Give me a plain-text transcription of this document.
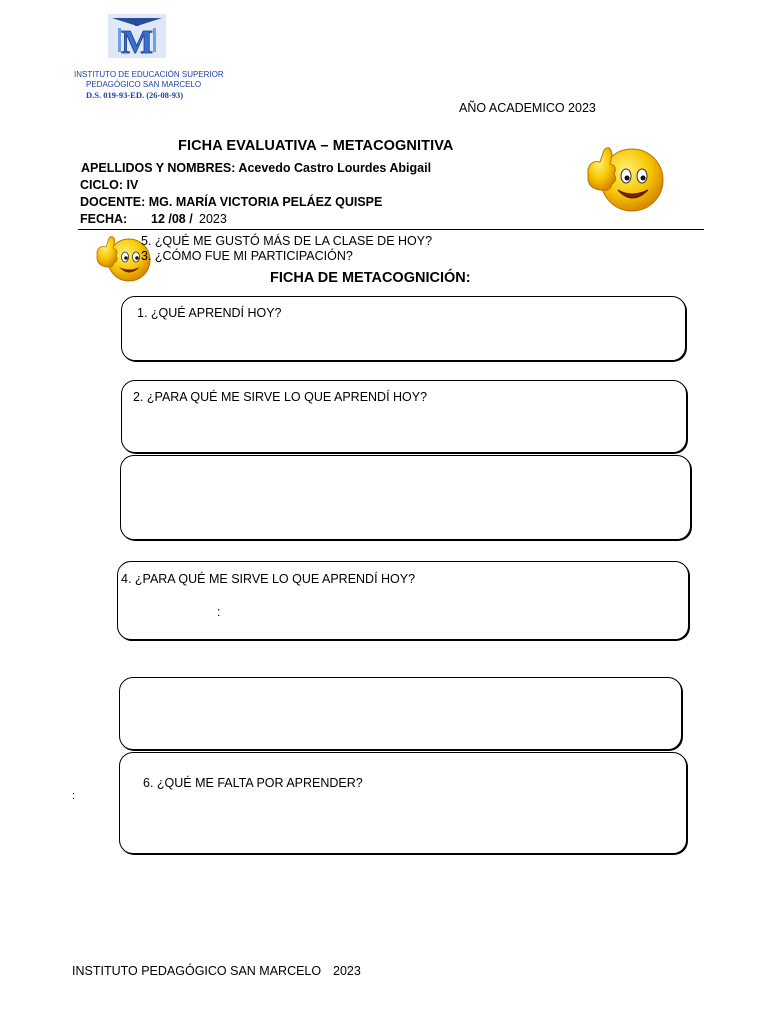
M
INSTITUTO DE EDUCACIÓN SUPERIOR
PEDAGÓGICO SAN MARCELO
D.S. 019-93-ED. (26-08-93)
AÑO ACADEMICO 2023
FICHA EVALUATIVA – METACOGNITIVA
APELLIDOS Y NOMBRES: Acevedo Castro Lourdes Abigail
CICLO: IV
DOCENTE: MG. MARÍA VICTORIA PELÁEZ QUISPE
FECHA: 12 /08 / 2023
5. ¿QUÉ ME GUSTÓ MÁS DE LA CLASE DE HOY?
3. ¿CÓMO FUE MI PARTICIPACIÓN?
FICHA DE METACOGNICIÓN:
1. ¿QUÉ APRENDÍ HOY?
2. ¿PARA QUÉ ME SIRVE LO QUE APRENDÍ HOY?
4. ¿PARA QUÉ ME SIRVE LO QUE APRENDÍ HOY?
:
6. ¿QUÉ ME FALTA POR APRENDER?
:
INSTITUTO PEDAGÓGICO SAN MARCELO 2023
